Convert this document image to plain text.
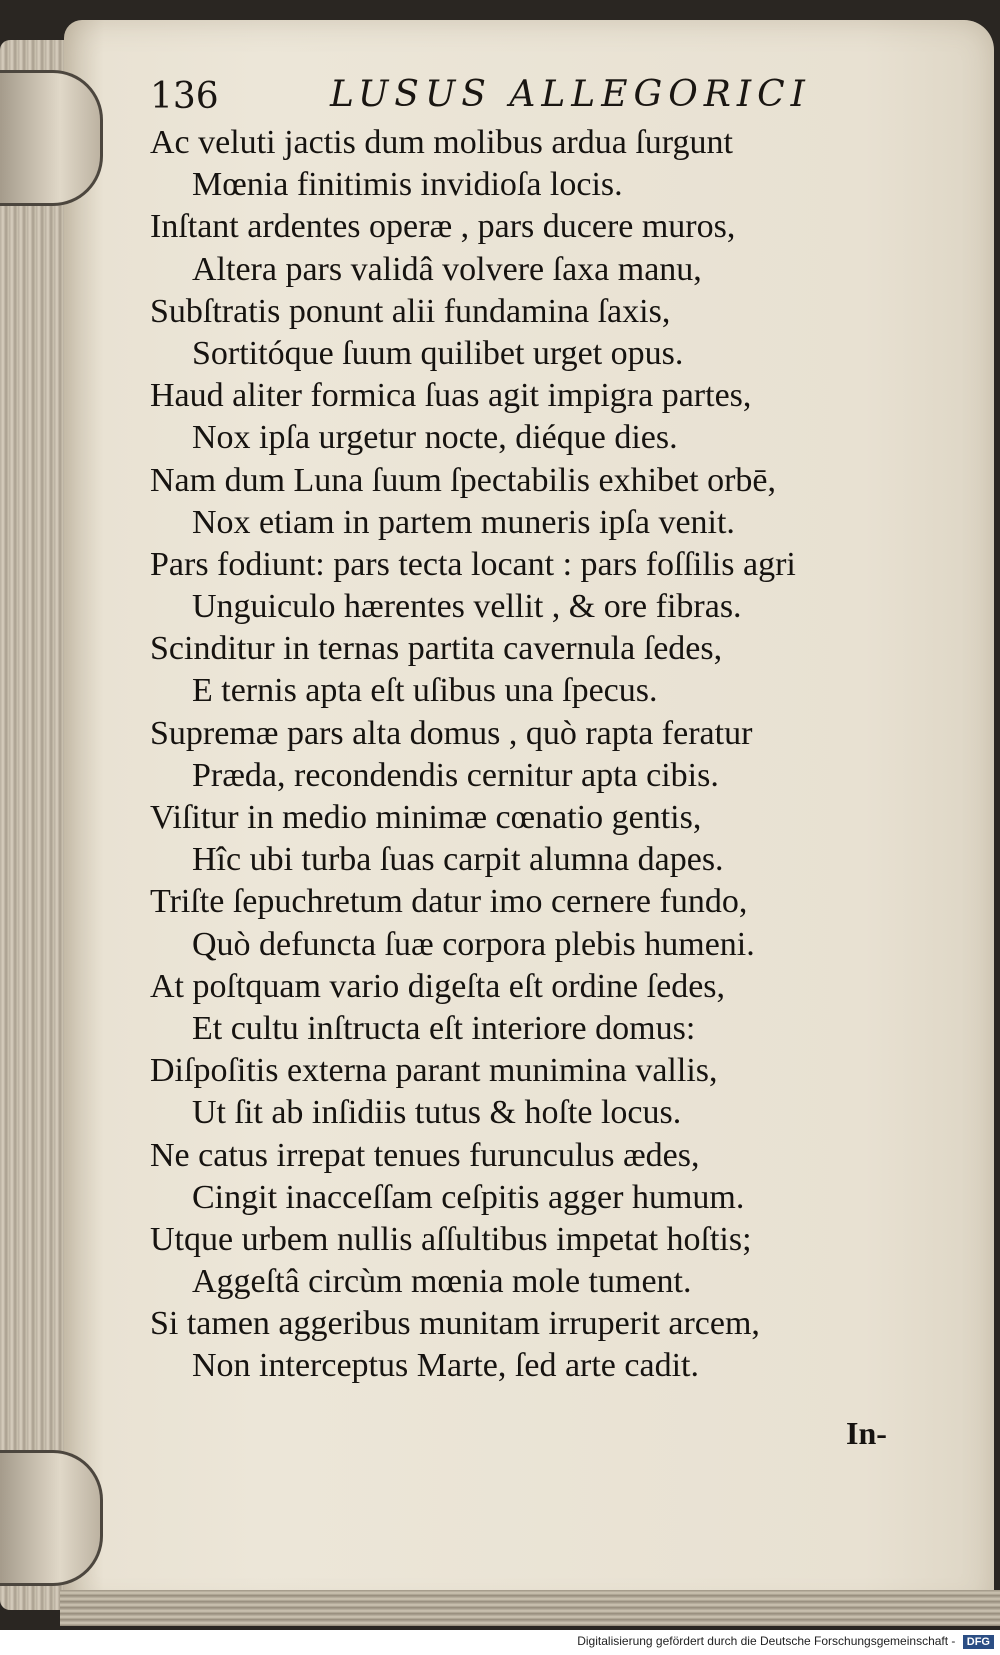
136	LUSUS ALLEGORICI
Ac veluti jactis dum molibus ardua ſurgunt
Mœnia finitimis invidioſa locis.
Inſtant ardentes operæ , pars ducere muros,
Altera pars validâ volvere ſaxa manu,
Subſtratis ponunt alii fundamina ſaxis,
Sortitóque ſuum quilibet urget opus.
Haud aliter formica ſuas agit impigra partes,
Nox ipſa urgetur nocte, diéque dies.
Nam dum Luna ſuum ſpectabilis exhibet orbē,
Nox etiam in partem muneris ipſa venit.
Pars fodiunt: pars tecta locant : pars foſſilis agri
Unguiculo hærentes vellit , & ore fibras.
Scinditur in ternas partita cavernula ſedes,
E ternis apta eſt uſibus una ſpecus.
Supremæ pars alta domus , quò rapta feratur
Præda, recondendis cernitur apta cibis.
Viſitur in medio minimæ cœnatio gentis,
Hîc ubi turba ſuas carpit alumna dapes.
Triſte ſepuchretum datur imo cernere fundo,
Quò defuncta ſuæ corpora plebis humeni.
At poſtquam vario digeſta eſt ordine ſedes,
Et cultu inſtructa eſt interiore domus:
Diſpoſitis externa parant munimina vallis,
Ut ſit ab inſidiis tutus & hoſte locus.
Ne catus irrepat tenues furunculus ædes,
Cingit inacceſſam ceſpitis agger humum.
Utque urbem nullis aſſultibus impetat hoſtis;
Aggeſtâ circùm mœnia mole tument.
Si tamen aggeribus munitam irruperit arcem,
Non interceptus Marte, ſed arte cadit.
In-
Digitalisierung gefördert durch die Deutsche Forschungsgemeinschaft - DFG
